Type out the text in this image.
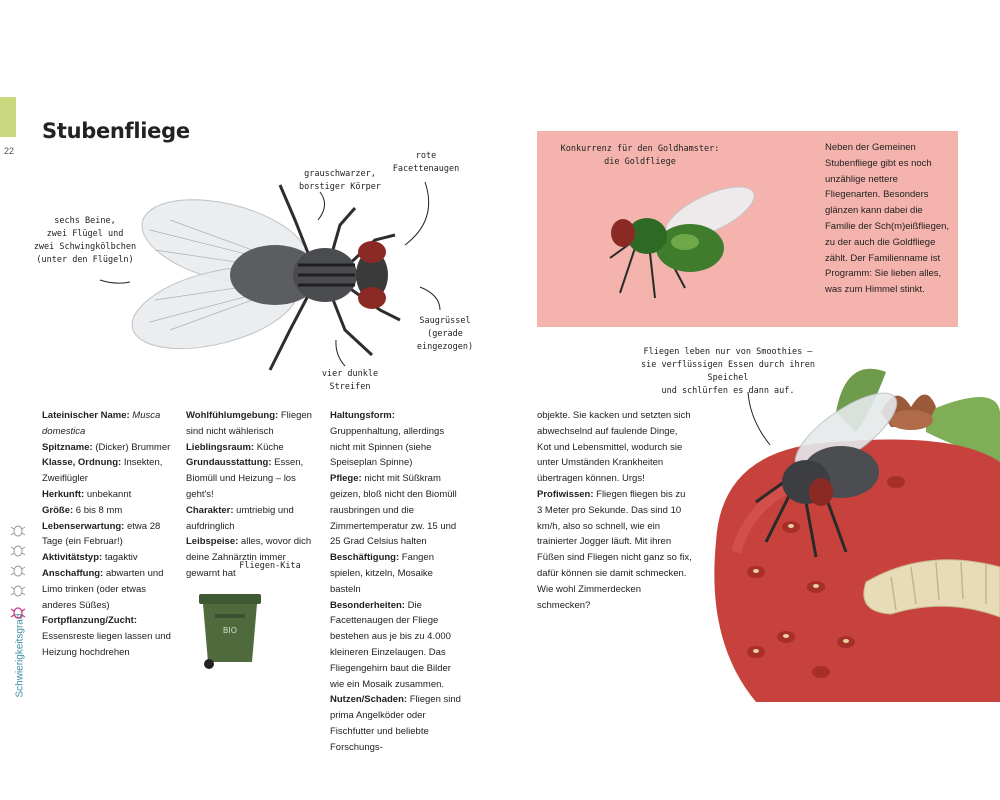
22
Stubenfliege
sechs Beine,
zwei Flügel und
zwei Schwingkölbchen
(unter den Flügeln)
grauschwarzer,
borstiger Körper
rote
Facettenaugen
Saugrüssel
(gerade
eingezogen)
vier dunkle Streifen
Lateinischer Name: Musca domestica
Spitzname: (Dicker) Brummer
Klasse, Ordnung: Insekten, Zweiflügler
Herkunft: unbekannt
Größe: 6 bis 8 mm
Lebenserwartung: etwa 28 Tage (ein Februar!)
Aktivitätstyp: tagaktiv
Anschaffung: abwarten und Limo trinken (oder etwas anderes Süßes)
Fortpflanzung/Zucht: Essensreste liegen lassen und Heizung hochdrehen
Wohlfühlumgebung: Fliegen sind nicht wählerisch
Lieblingsraum: Küche
Grundausstattung: Essen, Biomüll und Heizung – los geht's!
Charakter: umtriebig und aufdringlich
Leibspeise: alles, wovor dich deine Zahnärztin immer gewarnt hat
Fliegen-Kita
BIO
Haltungsform: Gruppenhaltung, allerdings nicht mit Spinnen (siehe Speiseplan Spinne)
Pflege: nicht mit Süßkram geizen, bloß nicht den Biomüll rausbringen und die Zimmertemperatur zw. 15 und 25 Grad Celsius halten
Beschäftigung: Fangen spielen, kitzeln, Mosaike basteln
Besonderheiten: Die Facettenaugen der Fliege bestehen aus je bis zu 4.000 kleineren Einzelaugen. Das Fliegengehirn baut die Bilder wie ein Mosaik zusammen.
Nutzen/Schaden: Fliegen sind prima Angelköder oder Fischfutter und beliebte Forschungs-
objekte. Sie kacken und setzten sich abwechselnd auf faulende Dinge, Kot und Lebensmittel, wodurch sie unter Umständen Krankheiten übertragen können. Urgs!
Profiwissen: Fliegen fliegen bis zu 3 Meter pro Sekunde. Das sind 10 km/h, also so schnell, wie ein trainierter Jogger läuft. Mit ihren Füßen sind Fliegen nicht ganz so fix, dafür können sie damit schmecken. Wie wohl Zimmerdecken schmecken?
Konkurrenz für den Goldhamster:
die Goldfliege
Neben der Gemeinen Stubenfliege gibt es noch unzählige nettere Fliegenarten. Besonders glänzen kann dabei die Familie der Sch(m)eißfliegen, zu der auch die Goldfliege zählt. Der Familienname ist Programm: Sie lieben alles, was zum Himmel stinkt.
Fliegen leben nur von Smoothies –
sie verflüssigen Essen durch ihren Speichel
und schlürfen es dann auf.
Schwierigkeitsgrad
